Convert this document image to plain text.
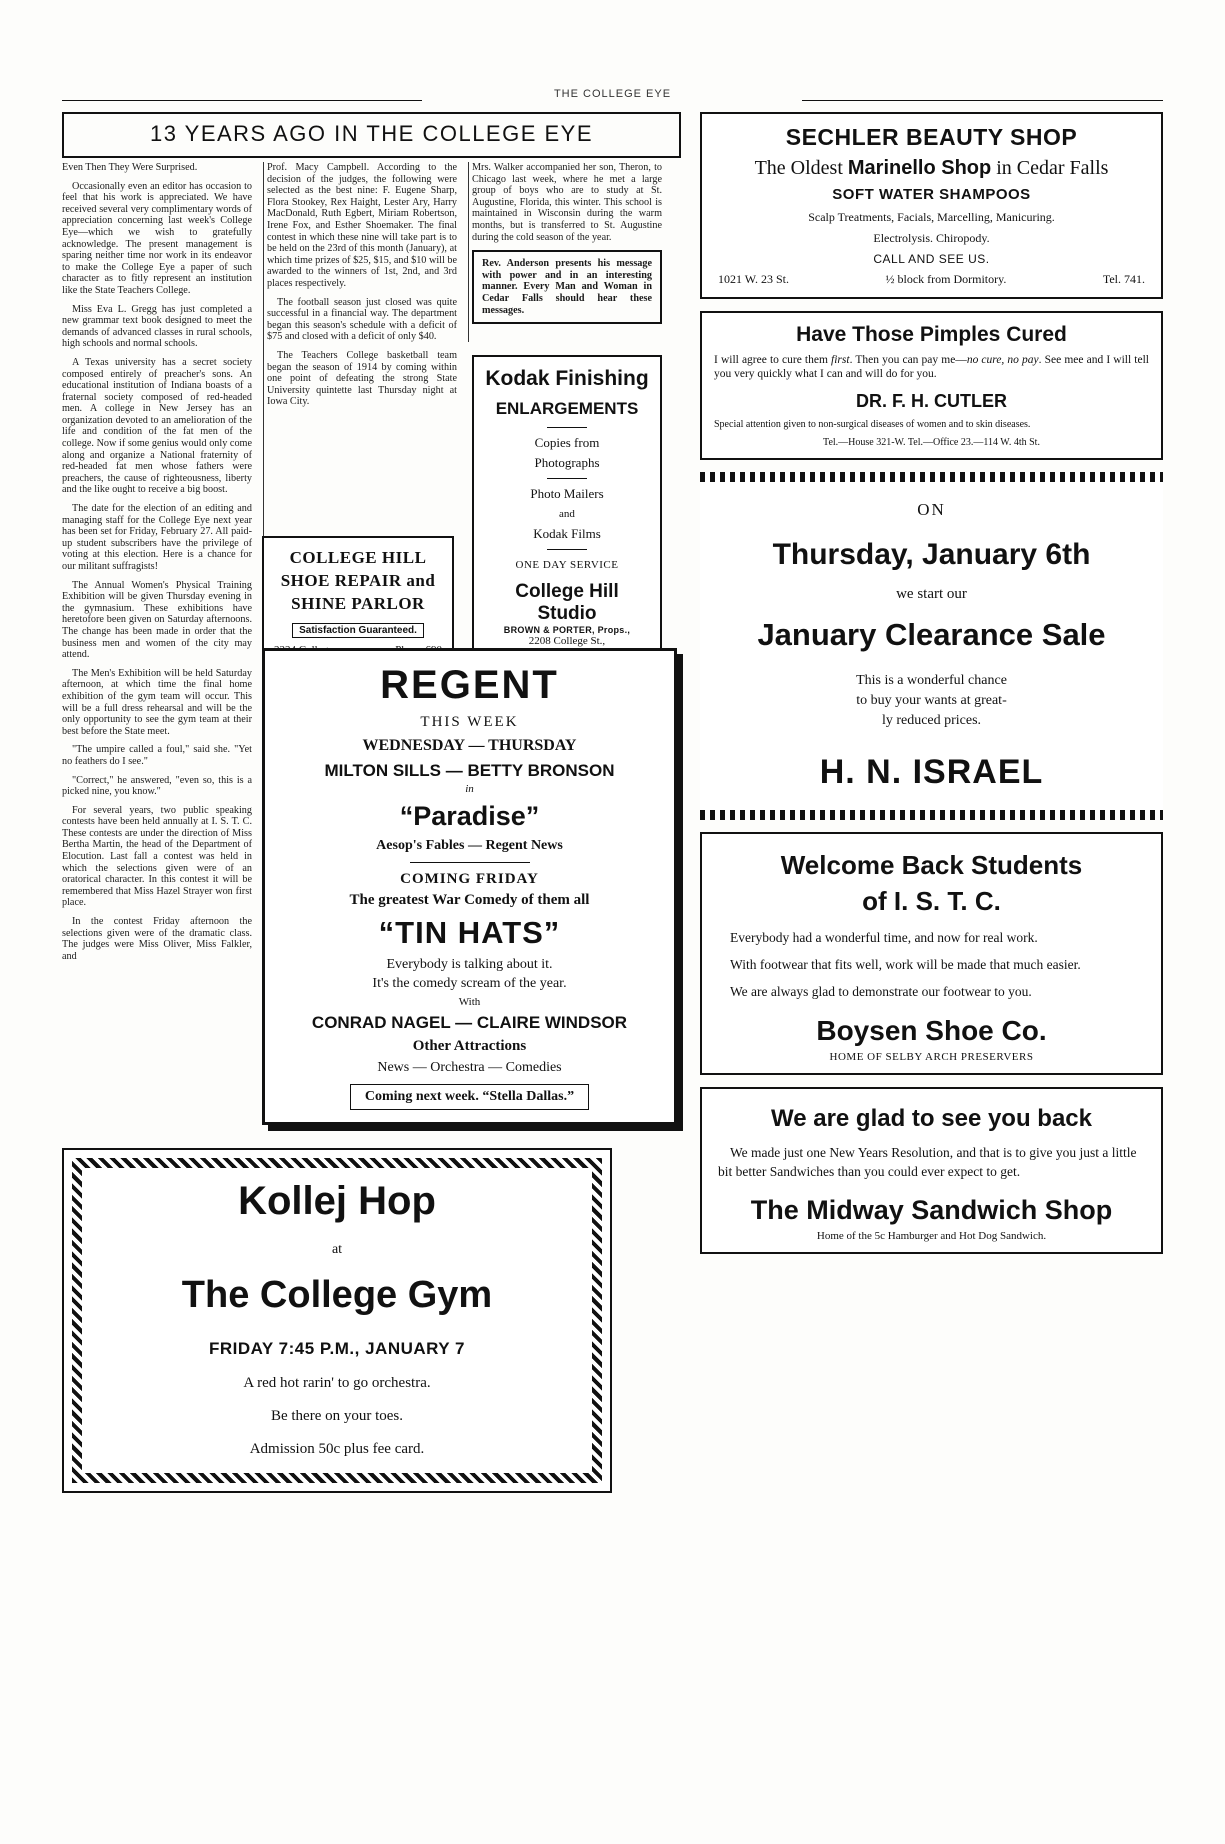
THE COLLEGE EYE
13 YEARS AGO IN THE COLLEGE EYE

Even Then They Were Surprised.

Occasionally even an editor has occasion to feel that his work is appreciated. We have received several very complimentary words of appreciation concerning last week's College Eye—which we wish to gratefully acknowledge. The present management is sparing neither time nor work in its endeavor to make the College Eye a paper of such character as to fitly represent an institution like the State Teachers College.

Miss Eva L. Gregg has just completed a new grammar text book designed to meet the demands of advanced classes in rural schools, high schools and normal schools.

A Texas university has a secret society composed entirely of preacher's sons. An educational institution of Indiana boasts of a fraternal society composed of red-headed men. A college in New Jersey has an organization devoted to an amelioration of the life and condition of the fat men of the college. Now if some genius would only come along and organize a National fraternity of red-headed fat men whose fathers were preachers, the cause of righteousness, liberty and the like ought to receive a big boost.

The date for the election of an editing and managing staff for the College Eye next year has been set for Friday, February 27. All paid-up student subscribers have the privilege of voting at this election. Here is a chance for our militant suffragists!

The Annual Women's Physical Training Exhibition will be given Thursday evening in the gymnasium. These exhibitions have heretofore been given on Saturday afternoons. The change has been made in order that the business men and women of the city may attend.

The Men's Exhibition will be held Saturday afternoon, at which time the final home exhibition of the gym team will occur. This will be a full dress rehearsal and will be the only opportunity to see the gym team at their best before the State meet.

"The umpire called a foul," said she. "Yet no feathers do I see."

"Correct," he answered, "even so, this is a picked nine, you know."

For several years, two public speaking contests have been held annually at I. S. T. C. These contests are under the direction of Miss Bertha Martin, the head of the Department of Elocution. Last fall a contest was held in which the selections given were of an oratorical character. In this contest it will be remembered that Miss Hazel Strayer won first place.

In the contest Friday afternoon the selections given were of the dramatic class. The judges were Miss Oliver, Miss Falkler, and

Prof. Macy Campbell. According to the decision of the judges, the following were selected as the best nine: F. Eugene Sharp, Flora Stookey, Rex Haight, Lester Ary, Harry MacDonald, Ruth Egbert, Miriam Robertson, Irene Fox, and Esther Shoemaker. The final contest in which these nine will take part is to be held on the 23rd of this month (January), at which time prizes of $25, $15, and $10 will be awarded to the winners of 1st, 2nd, and 3rd places respectively.

The football season just closed was quite successful in a financial way. The department began this season's schedule with a deficit of $75 and closed with a deficit of only $40.

The Teachers College basketball team began the season of 1914 by coming within one point of defeating the strong State University quintette last Thursday night at Iowa City.

Mrs. Walker accompanied her son, Theron, to Chicago last week, where he met a large group of boys who are to study at St. Augustine, Florida, this winter. This school is maintained in Wisconsin during the warm months, but is transferred to St. Augustine during the cold season of the year.

Rev. Anderson presents his message with power and in an interesting manner. Every Man and Woman in Cedar Falls should hear these messages.

Kodak Finishing
ENLARGEMENTS

Copies from

Photographs

Photo Mailers

and

Kodak Films

ONE DAY SERVICE

College Hill Studio
BROWN & PORTER, Props.,
2208 College St.,
COLLEGE HILL
SHOE REPAIR and
SHINE PARLOR
Satisfaction Guaranteed.
REGENT
THIS WEEK
WEDNESDAY — THURSDAY
MILTON SILLS — BETTY BRONSON
in
“Paradise”
Aesop's Fables — Regent News
COMING FRIDAY
The greatest War Comedy of them all
“TIN HATS”
Everybody is talking about it.
It's the comedy scream of the year.
With
CONRAD NAGEL — CLAIRE WINDSOR
Other Attractions
News — Orchestra — Comedies
Coming next week. “Stella Dallas.”
Kollej Hop
at
The College Gym
FRIDAY 7:45 P.M., JANUARY 7
A red hot rarin' to go orchestra.
Be there on your toes.
Admission 50c plus fee card.
SECHLER BEAUTY SHOP
The Oldest Marinello Shop in Cedar Falls
SOFT WATER SHAMPOOS
Scalp Treatments, Facials, Marcelling, Manicuring.
Electrolysis. Chiropody.
CALL AND SEE US.
1021 W. 23 St.	½ block from Dormitory.	Tel. 741.
Have Those Pimples Cured

I will agree to cure them first. Then you can pay me—no cure, no pay. See mee and I will tell you very quickly what I can and will do for you.

DR. F. H. CUTLER
Special attention given to non-surgical diseases of women and to skin diseases.
Tel.—House 321-W. Tel.—Office 23.—114 W. 4th St.
ON
Thursday, January 6th
we start our
January Clearance Sale
This is a wonderful chance
to buy your wants at great-
ly reduced prices.
H. N. ISRAEL
Welcome Back Students
of I. S. T. C.

Everybody had a wonderful time, and now for real work.

With footwear that fits well, work will be made that much easier.

We are always glad to demonstrate our footwear to you.

Boysen Shoe Co.
HOME OF SELBY ARCH PRESERVERS
We are glad to see you back

We made just one New Years Resolution, and that is to give you just a little bit better Sandwiches than you could ever expect to get.

The Midway Sandwich Shop
Home of the 5c Hamburger and Hot Dog Sandwich.
